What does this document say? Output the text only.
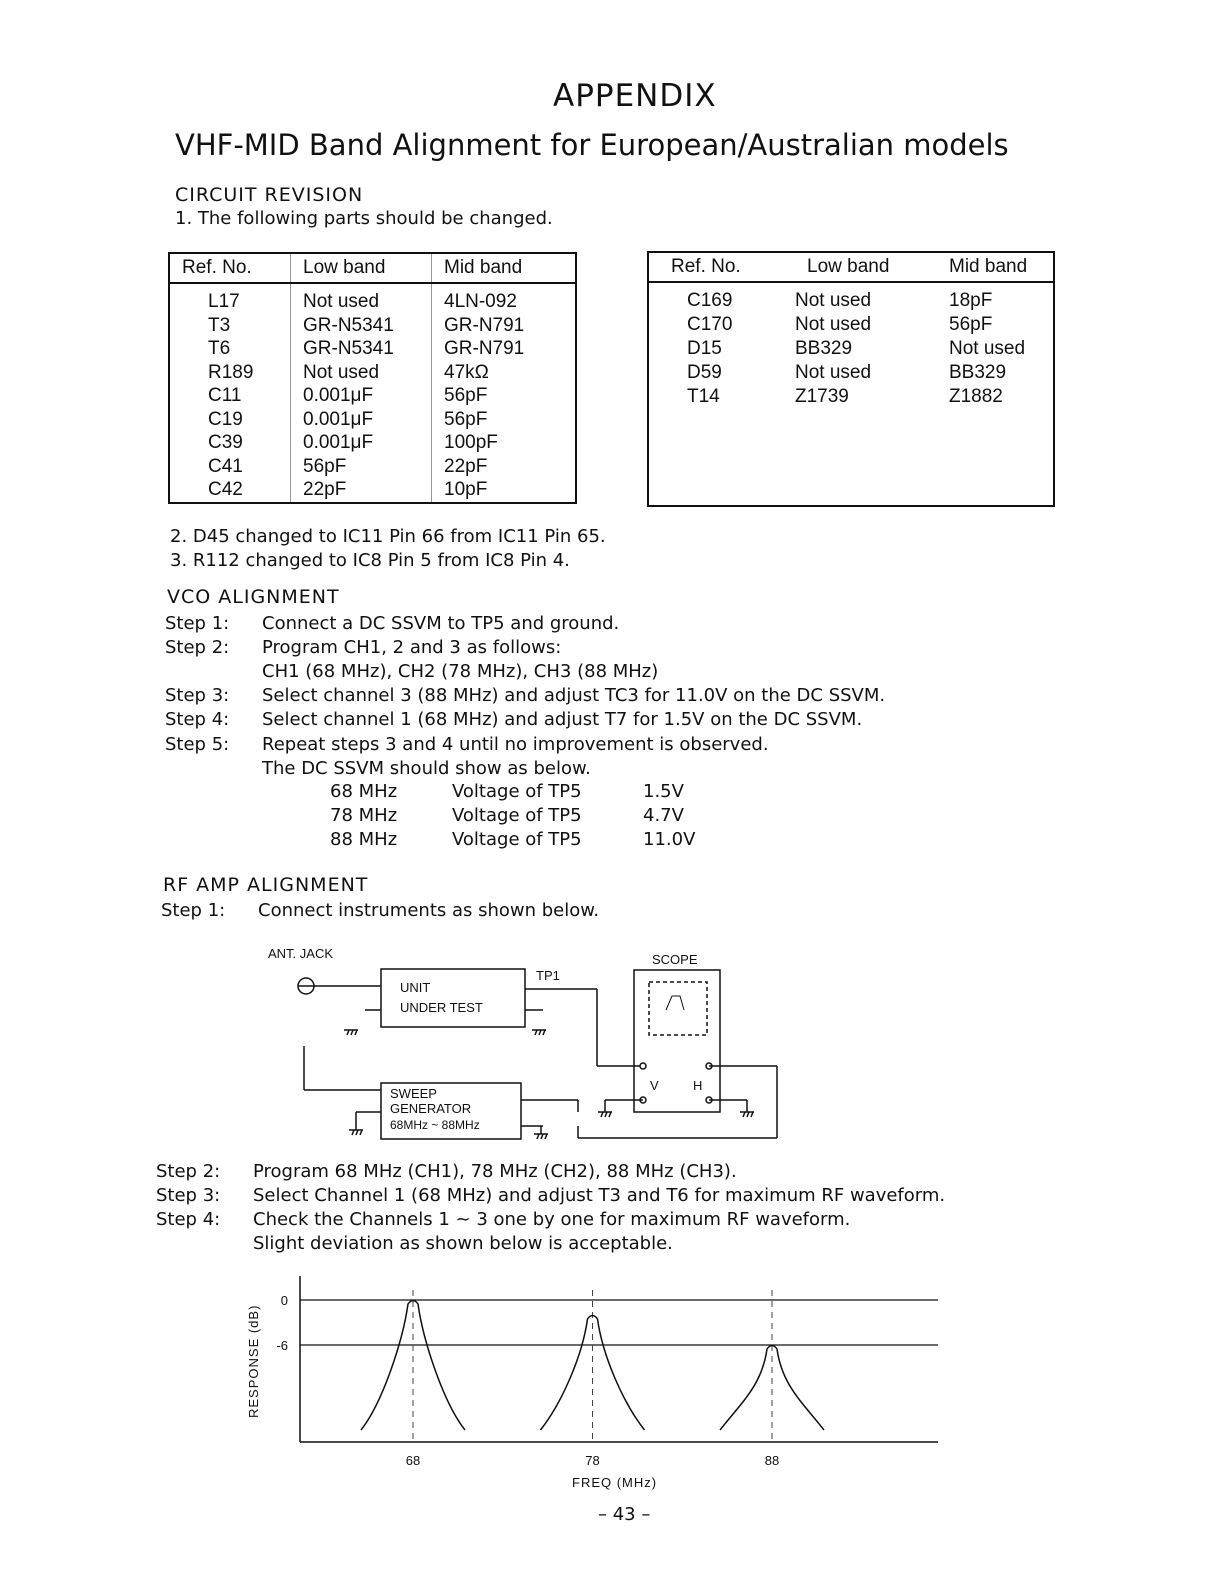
APPENDIX
VHF-MID Band Alignment for European/Australian models
CIRCUIT REVISION
1. The following parts should be changed.
Ref. No.	Low band	Mid band
L17	Not used	4LN-092
T3	GR-N5341	GR-N791
T6	GR-N5341	GR-N791
R189	Not used	47kΩ
C11	0.001μF	56pF
C19	0.001μF	56pF
C39	0.001μF	100pF
C41	56pF	22pF
C42	22pF	10pF
Ref. No.	Low band	Mid band
C169	Not used	18pF
C170	Not used	56pF
D15	BB329	Not used
D59	Not used	BB329
T14	Z1739	Z1882

2. D45 changed to IC11 Pin 66 from IC11 Pin 65.
3. R112 changed to IC8 Pin 5 from IC8 Pin 4.
VCO ALIGNMENT
Step 1: Connect a DC SSVM to TP5 and ground.
Step 2: Program CH1, 2 and 3 as follows:
CH1 (68 MHz), CH2 (78 MHz), CH3 (88 MHz)
Step 3: Select channel 3 (88 MHz) and adjust TC3 for 11.0V on the DC SSVM.
Step 4: Select channel 1 (68 MHz) and adjust T7 for 1.5V on the DC SSVM.
Step 5: Repeat steps 3 and 4 until no improvement is observed.
The DC SSVM should show as below.
68 MHz	Voltage of TP5	1.5V
78 MHz	Voltage of TP5	4.7V
88 MHz	Voltage of TP5	11.0V
RF AMP ALIGNMENT
Step 1: Connect instruments as shown below.
ANT. JACK	SCOPE
TP1
UNIT
UNDER TEST
SWEEP
GENERATOR
68MHz ~ 88MHz
V	H
Step 2: Program 68 MHz (CH1), 78 MHz (CH2), 88 MHz (CH3).
Step 3: Select Channel 1 (68 MHz) and adjust T3 and T6 for maximum RF waveform.
Step 4: Check the Channels 1 ~ 3 one by one for maximum RF waveform.
Slight deviation as shown below is acceptable.
RESPONSE (dB)
FREQ (MHz)
0
-6
68	78	88
– 43 –
